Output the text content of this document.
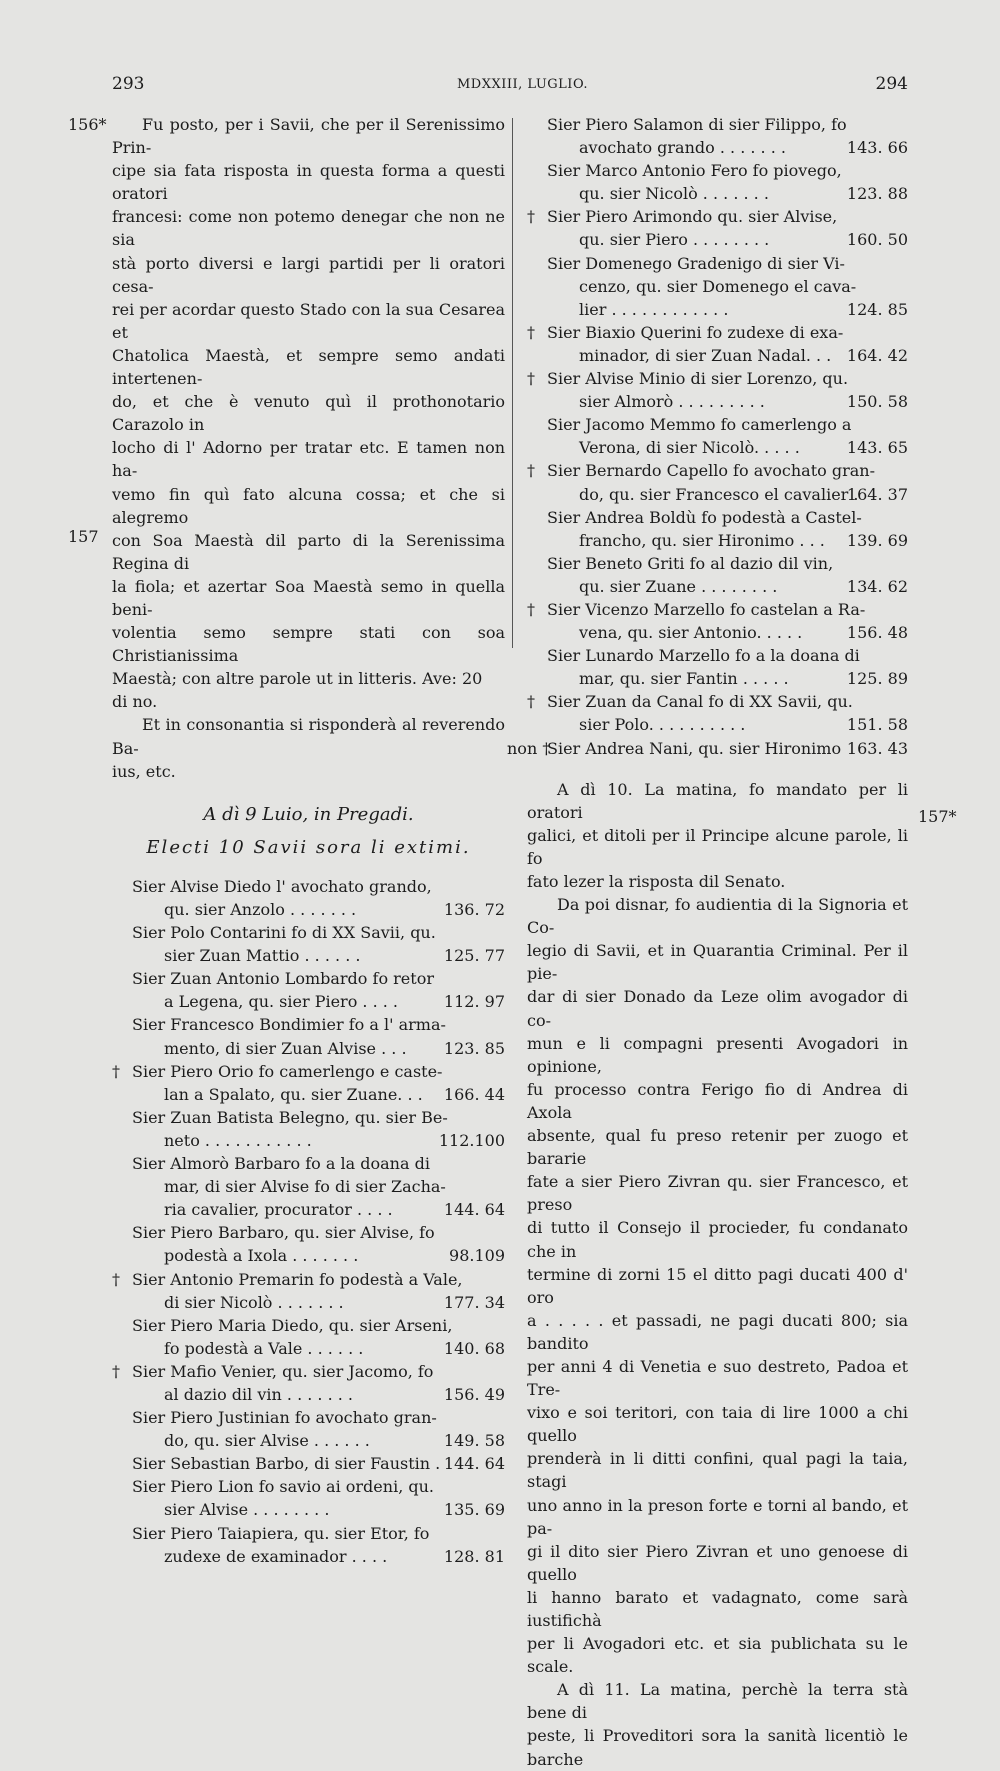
293	MDXXIII, LUGLIO.	294
156*
157
157*
Fu posto, per i Savii, che per il Serenissimo Prin-
cipe sia fata risposta in questa forma a questi oratori
francesi: come non potemo denegar che non ne sia
stà porto diversi e largi partidi per li oratori cesa-
rei per acordar questo Stado con la sua Cesarea et
Chatolica Maestà, et sempre semo andati intertenen-
do, et che è venuto quì il prothonotario Carazolo in
locho di l' Adorno per tratar etc. E tamen non ha-
vemo fin quì fato alcuna cossa; et che si alegremo
con Soa Maestà dil parto di la Serenissima Regina di
la fiola; et azertar Soa Maestà semo in quella beni-
volentia semo sempre stati con soa Christianissima
Maestà; con altre parole ut in litteris. Ave: 20
di no.
Et in consonantia si risponderà al reverendo Ba-
ius, etc.
A dì 9 Luio, in Pregadi.
Electi 10 Savii sora li extimi.
Sier Alvise Diedo l' avochato grando,
qu. sier Anzolo . . . . . . .	136. 72
Sier Polo Contarini fo di XX Savii, qu.
sier Zuan Mattio . . . . . .	125. 77
Sier Zuan Antonio Lombardo fo retor
a Legena, qu. sier Piero . . . .	112. 97
Sier Francesco Bondimier fo a l' arma-
mento, di sier Zuan Alvise . . .	123. 85
† Sier Piero Orio fo camerlengo e caste-
lan a Spalato, qu. sier Zuane. . .	166. 44
Sier Zuan Batista Belegno, qu. sier Be-
neto . . . . . . . . . . .	112.100
Sier Almorò Barbaro fo a la doana di
mar, di sier Alvise fo di sier Zacha-
ria cavalier, procurator . . . .	144. 64
Sier Piero Barbaro, qu. sier Alvise, fo
podestà a Ixola . . . . . . .	98.109
† Sier Antonio Premarin fo podestà a Vale,
di sier Nicolò . . . . . . .	177. 34
Sier Piero Maria Diedo, qu. sier Arseni,
fo podestà a Vale . . . . . .	140. 68
† Sier Mafio Venier, qu. sier Jacomo, fo
al dazio dil vin . . . . . . .	156. 49
Sier Piero Justinian fo avochato gran-
do, qu. sier Alvise . . . . . .	149. 58
Sier Sebastian Barbo, di sier Faustin . 144. 64
Sier Piero Lion fo savio ai ordeni, qu.
sier Alvise . . . . . . . .	135. 69
Sier Piero Taiapiera, qu. sier Etor, fo
zudexe de examinador . . . .	128. 81
Sier Piero Salamon di sier Filippo, fo
avochato grando . . . . . . .	143. 66
Sier Marco Antonio Fero fo piovego,
qu. sier Nicolò . . . . . . .	123. 88
† Sier Piero Arimondo qu. sier Alvise,
qu. sier Piero . . . . . . . .	160. 50
Sier Domenego Gradenigo di sier Vi-
cenzo, qu. sier Domenego el cava-
lier . . . . . . . . . . . .	124. 85
† Sier Biaxio Querini fo zudexe di exa-
minador, di sier Zuan Nadal. . . 164. 42
† Sier Alvise Minio di sier Lorenzo, qu.
sier Almorò . . . . . . . . .	150. 58
Sier Jacomo Memmo fo camerlengo a
Verona, di sier Nicolò. . . . .	143. 65
† Sier Bernardo Capello fo avochato gran-
do, qu. sier Francesco el cavalier .
164. 37
Sier Andrea Boldù fo podestà a Castel-
francho, qu. sier Hironimo . . .	139. 69
Sier Beneto Griti fo al dazio dil vin,
qu. sier Zuane . . . . . . . .	134. 62
† Sier Vicenzo Marzello fo castelan a Ra-
vena, qu. sier Antonio. . . . .	156. 48
Sier Lunardo Marzello fo a la doana di
mar, qu. sier Fantin . . . . .	125. 89
† Sier Zuan da Canal fo di XX Savii, qu.
sier Polo. . . . . . . . . .	151. 58
non †
Sier Andrea Nani, qu. sier Hironimo 163. 43
A dì 10. La matina, fo mandato per li oratori
galici, et ditoli per il Principe alcune parole, li fo
fato lezer la risposta dil Senato.
Da poi disnar, fo audientia di la Signoria et Co-
legio di Savii, et in Quarantia Criminal. Per il pie-
dar di sier Donado da Leze olim avogador di co-
mun e li compagni presenti Avogadori in opinione,
fu processo contra Ferigo fio di Andrea di Axola
absente, qual fu preso retenir per zuogo et bararie
fate a sier Piero Zivran qu. sier Francesco, et preso
di tutto il Consejo il procieder, fu condanato che in
termine di zorni 15 el ditto pagi ducati 400 d' oro
a . . . . . et passadi, ne pagi ducati 800; sia bandito
per anni 4 di Venetia e suo destreto, Padoa et Tre-
vixo e soi teritori, con taia di lire 1000 a chi quello
prenderà in li ditti confini, qual pagi la taia, stagi
uno anno in la preson forte e torni al bando, et pa-
gi il dito sier Piero Zivran et uno genoese di quello
li hanno barato et vadagnato, come sarà iustifichà
per li Avogadori etc. et sia publichata su le scale.
A dì 11. La matina, perchè la terra stà bene di
peste, li Proveditori sora la sanità licentiò le barche
